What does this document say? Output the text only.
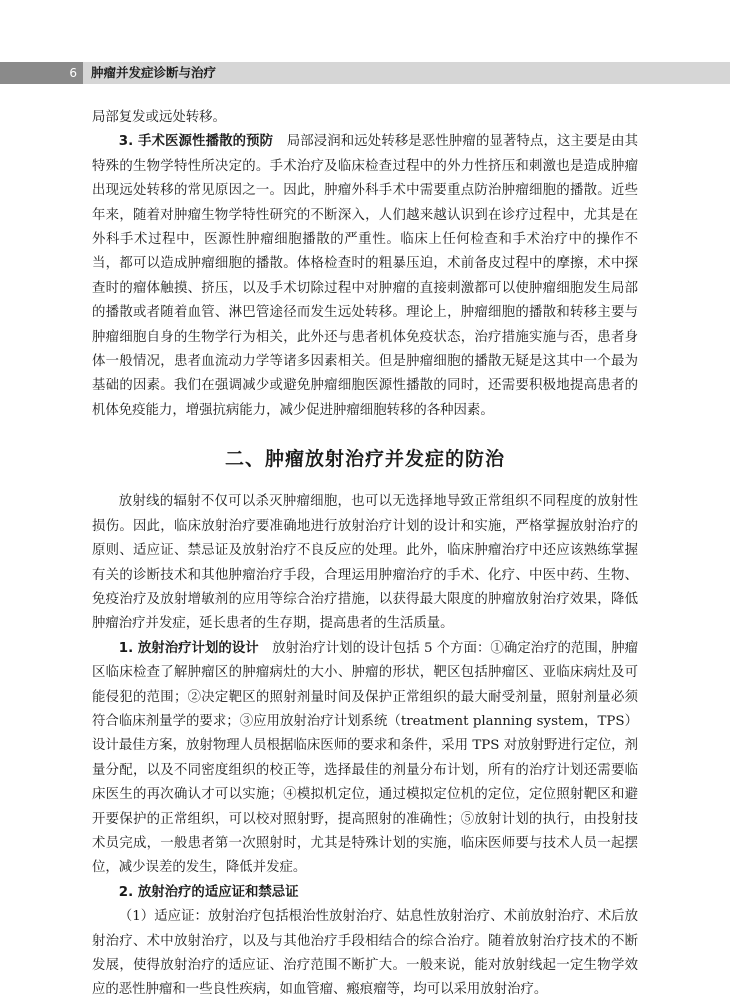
6	肿瘤并发症诊断与治疗

局部复发或远处转移。

3. 手术医源性播散的预防　 局部浸润和远处转移是恶性肿瘤的显著特点，这主要是由其特殊的生物学特性所决定的。手术治疗及临床检查过程中的外力性挤压和刺激也是造成肿瘤出现远处转移的常见原因之一。因此，肿瘤外科手术中需要重点防治肿瘤细胞的播散。近些年来，随着对肿瘤生物学特性研究的不断深入，人们越来越认识到在诊疗过程中，尤其是在外科手术过程中，医源性肿瘤细胞播散的严重性。临床上任何检查和手术治疗中的操作不当，都可以造成肿瘤细胞的播散。体格检查时的粗暴压迫，术前备皮过程中的摩擦，术中探查时的瘤体触摸、挤压，以及手术切除过程中对肿瘤的直接刺激都可以使肿瘤细胞发生局部的播散或者随着血管、淋巴管途径而发生远处转移。理论上，肿瘤细胞的播散和转移主要与肿瘤细胞自身的生物学行为相关，此外还与患者机体免疫状态，治疗措施实施与否，患者身体一般情况，患者血流动力学等诸多因素相关。但是肿瘤细胞的播散无疑是这其中一个最为基础的因素。我们在强调减少或避免肿瘤细胞医源性播散的同时，还需要积极地提高患者的机体免疫能力，增强抗病能力，减少促进肿瘤细胞转移的各种因素。

二、肿瘤放射治疗并发症的防治

放射线的辐射不仅可以杀灭肿瘤细胞，也可以无选择地导致正常组织不同程度的放射性损伤。因此，临床放射治疗要准确地进行放射治疗计划的设计和实施，严格掌握放射治疗的原则、适应证、禁忌证及放射治疗不良反应的处理。此外，临床肿瘤治疗中还应该熟练掌握有关的诊断技术和其他肿瘤治疗手段，合理运用肿瘤治疗的手术、化疗、中医中药、生物、免疫治疗及放射增敏剂的应用等综合治疗措施，以获得最大限度的肿瘤放射治疗效果，降低肿瘤治疗并发症，延长患者的生存期，提高患者的生活质量。

1. 放射治疗计划的设计　 放射治疗计划的设计包括 5 个方面：①确定治疗的范围，肿瘤区临床检查了解肿瘤区的肿瘤病灶的大小、肿瘤的形状，靶区包括肿瘤区、亚临床病灶及可能侵犯的范围；②决定靶区的照射剂量时间及保护正常组织的最大耐受剂量，照射剂量必须符合临床剂量学的要求；③应用放射治疗计划系统（treatment planning system，TPS）设计最佳方案，放射物理人员根据临床医师的要求和条件，采用 TPS 对放射野进行定位，剂量分配，以及不同密度组织的校正等，选择最佳的剂量分布计划，所有的治疗计划还需要临床医生的再次确认才可以实施；④模拟机定位，通过模拟定位机的定位，定位照射靶区和避开要保护的正常组织，可以校对照射野，提高照射的准确性；⑤放射计划的执行，由投射技术员完成，一般患者第一次照射时，尤其是特殊计划的实施，临床医师要与技术人员一起摆位，减少误差的发生，降低并发症。

2. 放射治疗的适应证和禁忌证

（1）适应证：放射治疗包括根治性放射治疗、姑息性放射治疗、术前放射治疗、术后放射治疗、术中放射治疗，以及与其他治疗手段相结合的综合治疗。随着放射治疗技术的不断发展，使得放射治疗的适应证、治疗范围不断扩大。一般来说，能对放射线起一定生物学效应的恶性肿瘤和一些良性疾病，如血管瘤、瘢痕瘤等，均可以采用放射治疗。
